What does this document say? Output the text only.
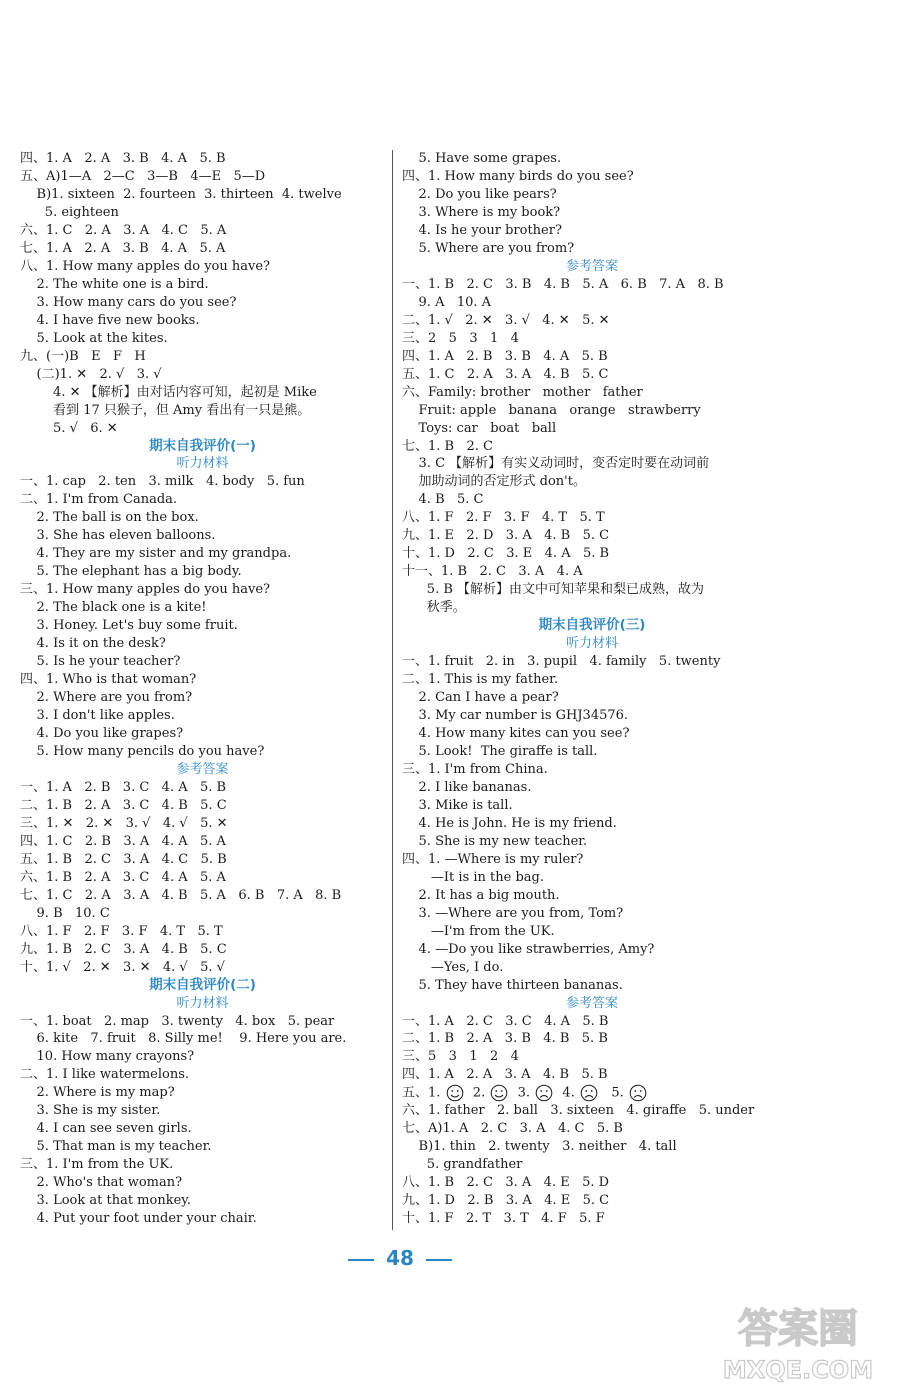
四、1. A   2. A   3. B   4. A   5. B
五、A)1—A   2—C   3—B   4—E   5—D
B)1. sixteen  2. fourteen  3. thirteen  4. twelve
5. eighteen
六、1. C   2. A   3. A   4. C   5. A
七、1. A   2. A   3. B   4. A   5. A
八、1. How many apples do you have?
2. The white one is a bird.
3. How many cars do you see?
4. I have five new books.
5. Look at the kites.
九、(一)B   E   F   H
(二)1. ✕   2. √   3. √
4. ✕ 【解析】由对话内容可知，起初是 Mike
看到 17 只猴子，但 Amy 看出有一只是熊。
5. √   6. ✕
期末自我评价(一)
听力材料
一、1. cap   2. ten   3. milk   4. body   5. fun
二、1. I'm from Canada.
2. The ball is on the box.
3. She has eleven balloons.
4. They are my sister and my grandpa.
5. The elephant has a big body.
三、1. How many apples do you have?
2. The black one is a kite!
3. Honey. Let's buy some fruit.
4. Is it on the desk?
5. Is he your teacher?
四、1. Who is that woman?
2. Where are you from?
3. I don't like apples.
4. Do you like grapes?
5. How many pencils do you have?
参考答案
一、1. A   2. B   3. C   4. A   5. B
二、1. B   2. A   3. C   4. B   5. C
三、1. ✕   2. ✕   3. √   4. √   5. ✕
四、1. C   2. B   3. A   4. A   5. A
五、1. B   2. C   3. A   4. C   5. B
六、1. B   2. A   3. C   4. A   5. A
七、1. C   2. A   3. A   4. B   5. A   6. B   7. A   8. B
9. B   10. C
八、1. F   2. F   3. F   4. T   5. T
九、1. B   2. C   3. A   4. B   5. C
十、1. √   2. ✕   3. ✕   4. √   5. √
期末自我评价(二)
听力材料
一、1. boat   2. map   3. twenty   4. box   5. pear
6. kite   7. fruit   8. Silly me!    9. Here you are.
10. How many crayons?
二、1. I like watermelons.
2. Where is my map?
3. She is my sister.
4. I can see seven girls.
5. That man is my teacher.
三、1. I'm from the UK.
2. Who's that woman?
3. Look at that monkey.
4. Put your foot under your chair.
5. Have some grapes.
四、1. How many birds do you see?
2. Do you like pears?
3. Where is my book?
4. Is he your brother?
5. Where are you from?
参考答案
一、1. B   2. C   3. B   4. B   5. A   6. B   7. A   8. B
9. A   10. A
二、1. √   2. ✕   3. √   4. ✕   5. ✕
三、2   5   3   1   4
四、1. A   2. B   3. B   4. A   5. B
五、1. C   2. A   3. A   4. B   5. C
六、Family: brother   mother   father
Fruit: apple   banana   orange   strawberry
Toys: car   boat   ball
七、1. B   2. C
3. C 【解析】有实义动词时，变否定时要在动词前
加助动词的否定形式 don't。
4. B   5. C
八、1. F   2. F   3. F   4. T   5. T
九、1. E   2. D   3. A   4. B   5. C
十、1. D   2. C   3. E   4. A   5. B
十一、1. B   2. C   3. A   4. A
5. B 【解析】由文中可知苹果和梨已成熟，故为
秋季。
期末自我评价(三)
听力材料
一、1. fruit   2. in   3. pupil   4. family   5. twenty
二、1. This is my father.
2. Can I have a pear?
3. My car number is GHJ34576.
4. How many kites can you see?
5. Look!  The giraffe is tall.
三、1. I'm from China.
2. I like bananas.
3. Mike is tall.
4. He is John. He is my friend.
5. She is my new teacher.
四、1. —Where is my ruler?
—It is in the bag.
2. It has a big mouth.
3. —Where are you from, Tom?
—I'm from the UK.
4. —Do you like strawberries, Amy?
—Yes, I do.
5. They have thirteen bananas.
参考答案
一、1. A   2. C   3. C   4. A   5. B
二、1. B   2. A   3. B   4. B   5. B
三、5   3   1   2   4
四、1. A   2. A   3. A   4. B   5. B
五、1.   2.   3.   4.    5.
六、1. father   2. ball   3. sixteen   4. giraffe   5. under
七、A)1. A   2. C   3. A   4. C   5. B
B)1. thin   2. twenty   3. neither   4. tall
5. grandfather
八、1. B   2. C   3. A   4. E   5. D
九、1. D   2. B   3. A   4. E   5. C
十、1. F   2. T   3. T   4. F   5. F
48
答案圈
MXQE.COM
